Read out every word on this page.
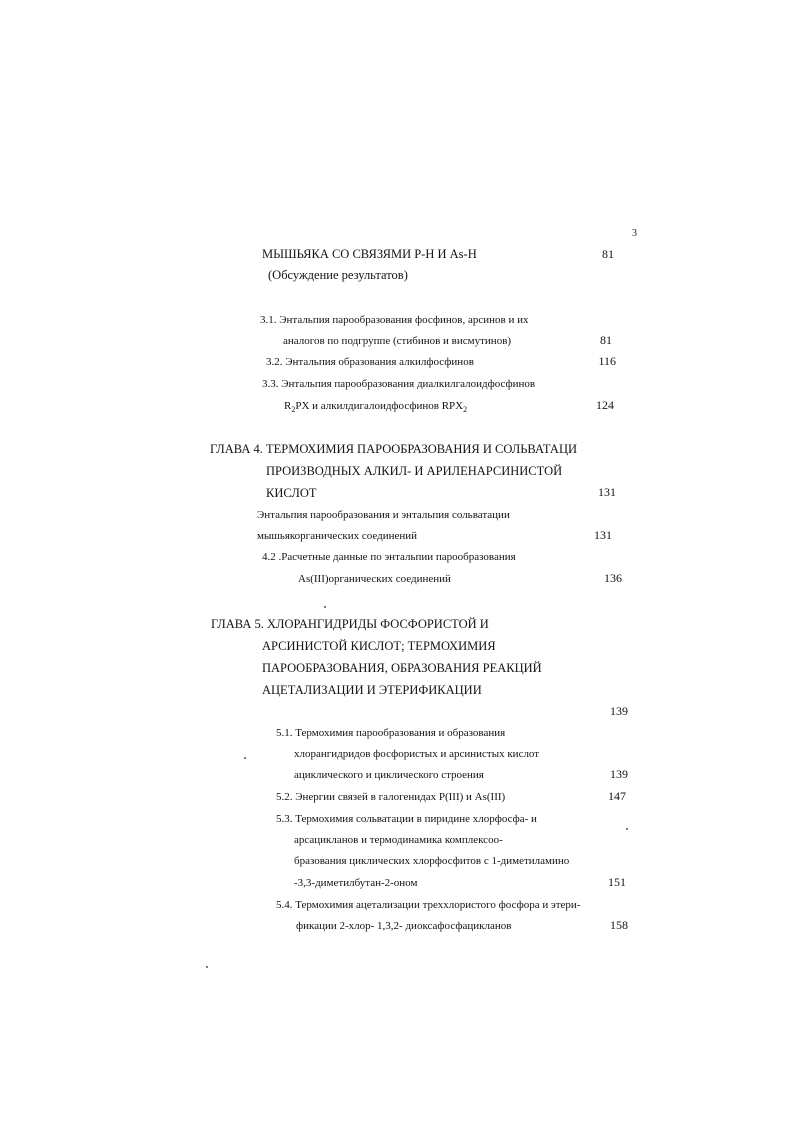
3
МЫШЬЯКА СО СВЯЗЯМИ Р-Н И As-H	81
(Обсуждение результатов)
3.1. Энтальпия парообразования фосфинов, арсинов и их
аналогов по подгруппе (стибинов и висмутинов)	81
3.2. Энтальпия образования алкилфосфинов	116
3.3. Энтальпия парообразования диалкилгалоидфосфинов
$R_2PX$ и алкилдигалоидфосфинов $RPX_2$	124
ГЛАВА 4. ТЕРМОХИМИЯ ПАРООБРАЗОВАНИЯ И СОЛЬВАТАЦИ
ПРОИЗВОДНЫХ АЛКИЛ- И АРИЛЕНАРСИНИСТОЙ
КИСЛОТ	131
Энтальпия парообразования и энтальпия сольватации
мышьякорганических соединений	131
4.2 .Расчетные данные по энтальпии парообразования
As(III)органических соединений	136
ГЛАВА 5. ХЛОРАНГИДРИДЫ ФОСФОРИСТОЙ И
АРСИНИСТОЙ КИСЛОТ; ТЕРМОХИМИЯ
ПАРООБРАЗОВАНИЯ, ОБРАЗОВАНИЯ РЕАКЦИЙ
АЦЕТАЛИЗАЦИИ И ЭТЕРИФИКАЦИИ
139
5.1. Термохимия парообразования и образования
хлорангидридов фосфористых и арсинистых кислот
ациклического и циклического строения	139
5.2. Энергии связей в галогенидах P(III) и As(III)	147
5.3. Термохимия сольватации в пиридине хлорфосфа- и
арсацикланов и термодинамика комплексоо-
бразования циклических хлорфосфитов с 1-диметиламино
-3,3-диметилбутан-2-оном	151
5.4. Термохимия ацетализации треххлористого фосфора и этери-
фикации 2-хлор- 1,3,2- диоксафосфацикланов	158
